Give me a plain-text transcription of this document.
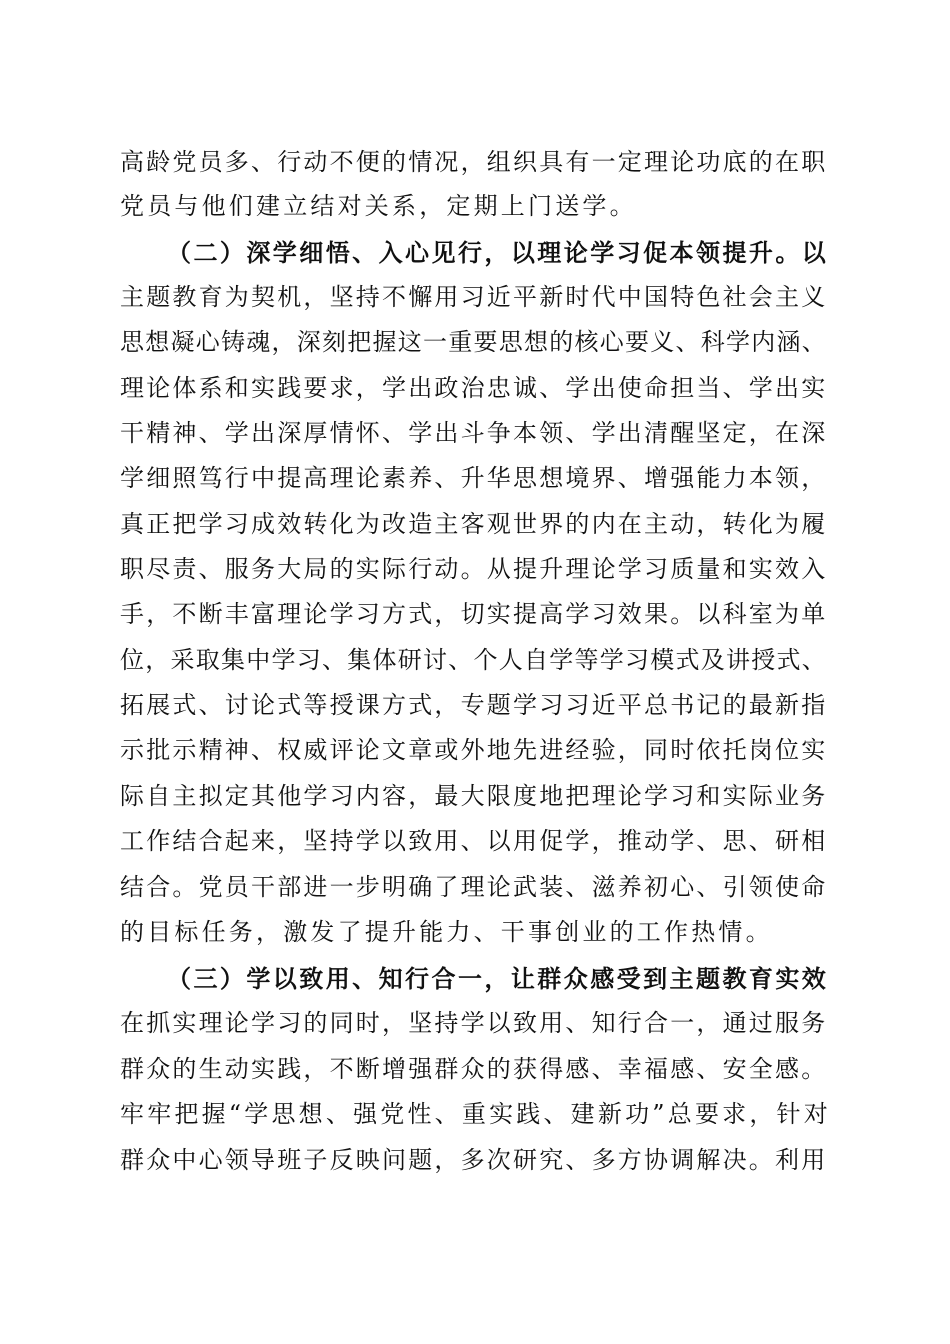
高龄党员多、行动不便的情况，组织具有一定理论功底的在职
党员与他们建立结对关系，定期上门送学。
（二）深学细悟、入心见行，以理论学习促本领提升。以
主题教育为契机，坚持不懈用习近平新时代中国特色社会主义
思想凝心铸魂，深刻把握这一重要思想的核心要义、科学内涵、
理论体系和实践要求，学出政治忠诚、学出使命担当、学出实
干精神、学出深厚情怀、学出斗争本领、学出清醒坚定，在深
学细照笃行中提高理论素养、升华思想境界、增强能力本领，
真正把学习成效转化为改造主客观世界的内在主动，转化为履
职尽责、服务大局的实际行动。从提升理论学习质量和实效入
手，不断丰富理论学习方式，切实提高学习效果。以科室为单
位，采取集中学习、集体研讨、个人自学等学习模式及讲授式、
拓展式、讨论式等授课方式，专题学习习近平总书记的最新指
示批示精神、权威评论文章或外地先进经验，同时依托岗位实
际自主拟定其他学习内容，最大限度地把理论学习和实际业务
工作结合起来，坚持学以致用、以用促学，推动学、思、研相
结合。党员干部进一步明确了理论武装、滋养初心、引领使命
的目标任务，激发了提升能力、干事创业的工作热情。
（三）学以致用、知行合一，让群众感受到主题教育实效
在抓实理论学习的同时，坚持学以致用、知行合一，通过服务
群众的生动实践，不断增强群众的获得感、幸福感、安全感。
牢牢把握“学思想、强党性、重实践、建新功”总要求，针对
群众中心领导班子反映问题，多次研究、多方协调解决。利用
